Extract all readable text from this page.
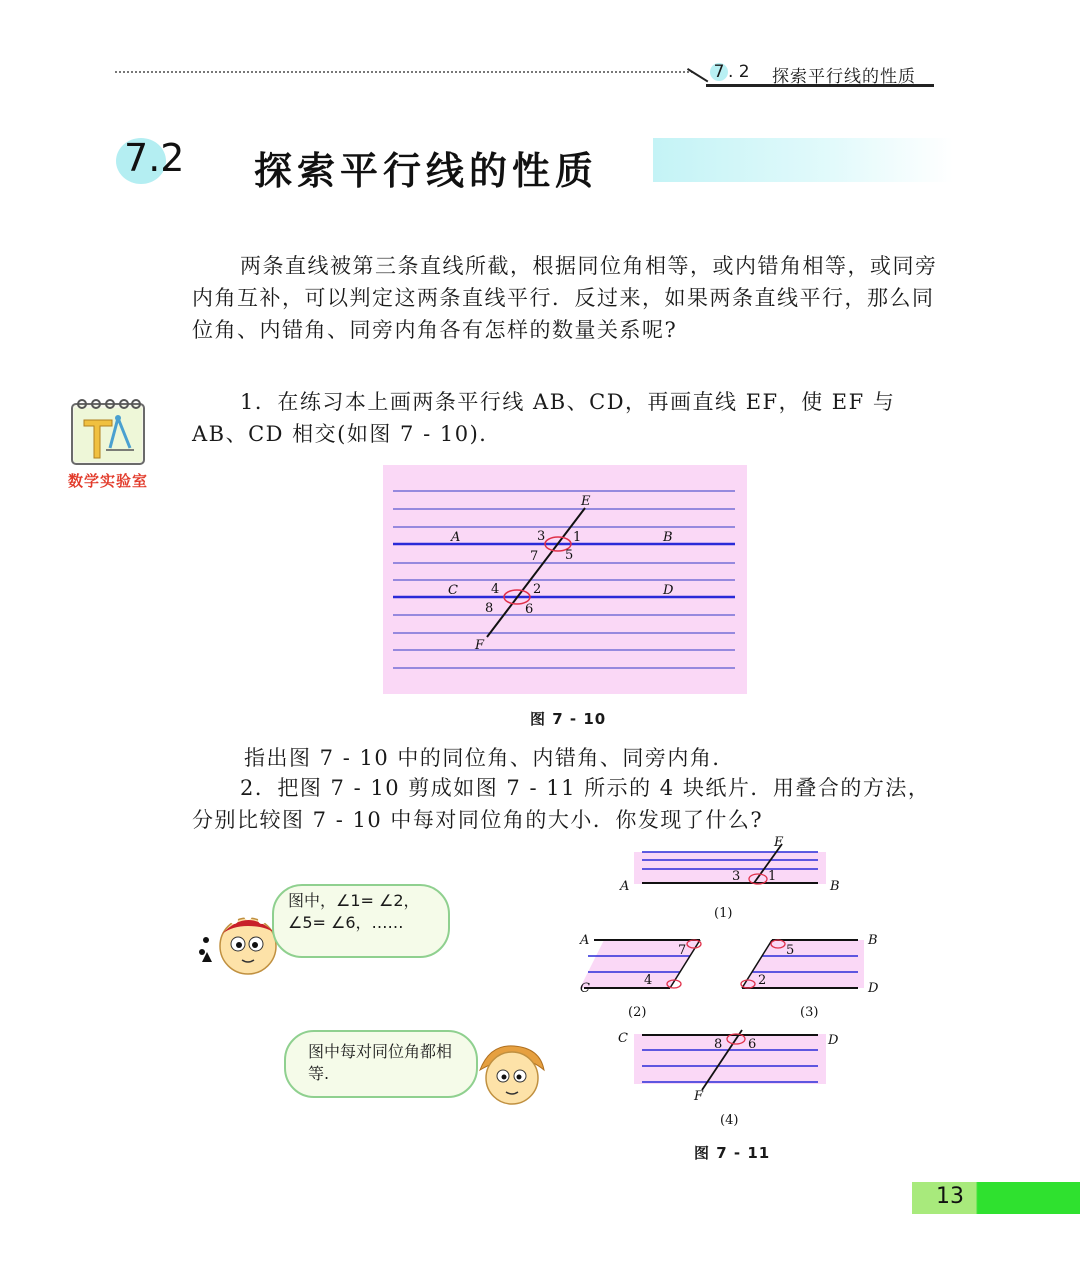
7 . 2 探索平行线的性质
7.2 探索平行线的性质
两条直线被第三条直线所截，根据同位角相等，或内错角相等，或同旁内角互补，可以判定这两条直线平行．反过来，如果两条直线平行，那么同位角、内错角、同旁内角各有怎样的数量关系呢?
数学实验室
1．在练习本上画两条平行线 AB、CD，再画直线 EF，使 EF 与 AB、CD 相交(如图 7 - 10)．
E
A	B
C	D
F
3 1
7 5
4	2
8 6
图 7 - 10
指出图 7 - 10 中的同位角、内错角、同旁内角．
2．把图 7 - 10 剪成如图 7 - 11 所示的 4 块纸片．用叠合的方法，分别比较图 7 - 10 中每对同位角的大小．你发现了什么?
图中，∠1= ∠2，∠5= ∠6，……
图中每对同位角都相等.
E
A	B
3 1
(1)
A
C
7
4
(2)
B
D
5
2
(3)
C	D
8 6
F
(4)
图 7 - 11
13
